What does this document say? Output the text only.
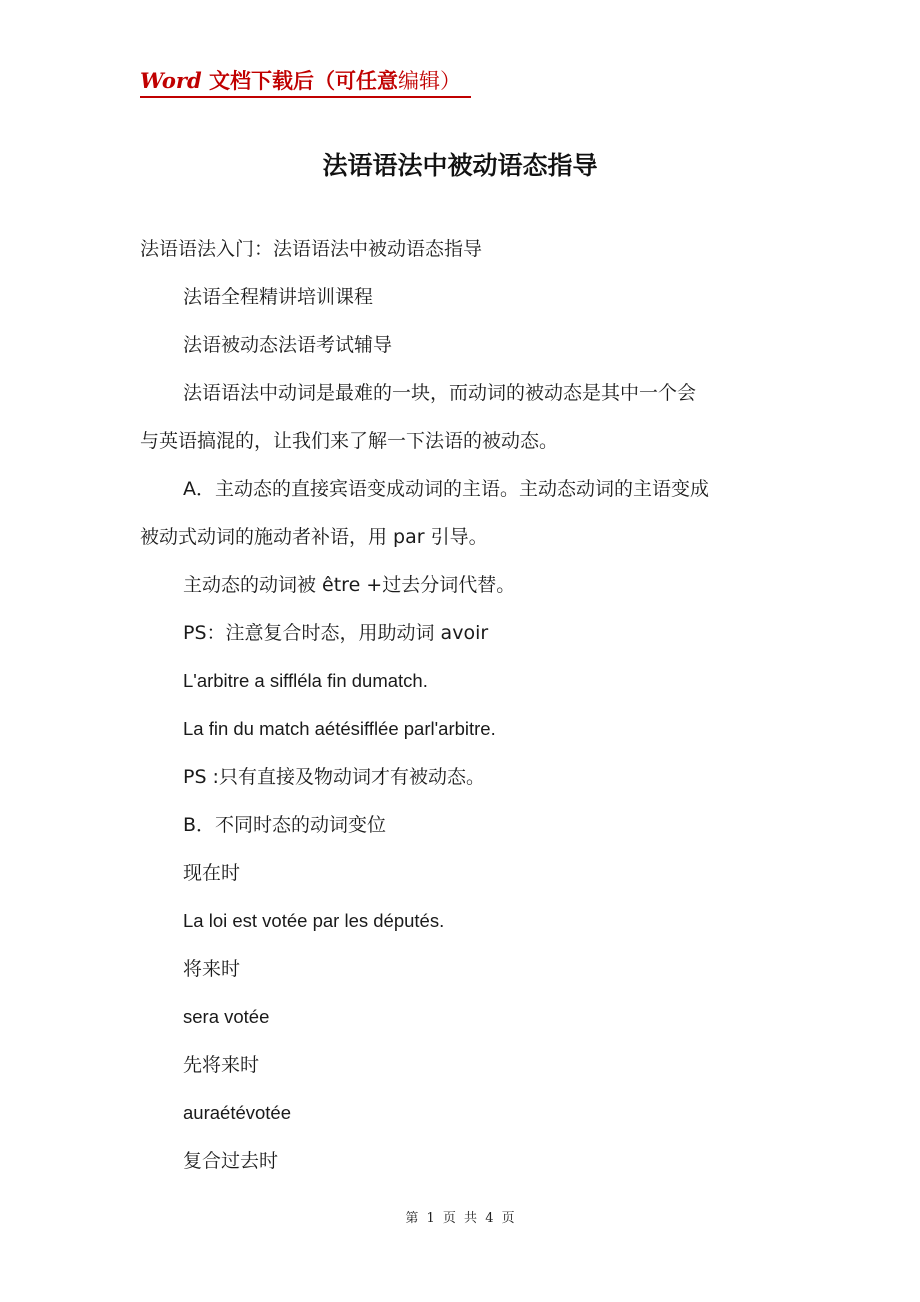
Word 文档下载后（可任意编辑）
法语语法中被动语态指导

法语语法入门：法语语法中被动语态指导

法语全程精讲培训课程

法语被动态法语考试辅导

法语语法中动词是最难的一块，而动词的被动态是其中一个会

与英语搞混的，让我们来了解一下法语的被动态。

A．主动态的直接宾语变成动词的主语。主动态动词的主语变成

被动式动词的施动者补语，用 par 引导。

主动态的动词被 être +过去分词代替。

PS：注意复合时态，用助动词 avoir

L'arbitre a siffléla fin dumatch.

La fin du match aétésifflée parl'arbitre.

PS :只有直接及物动词才有被动态。

B．不同时态的动词变位

现在时

La loi est votée par les députés.

将来时

sera votée

先将来时

auraétévotée

复合过去时

第 1 页 共 4 页
